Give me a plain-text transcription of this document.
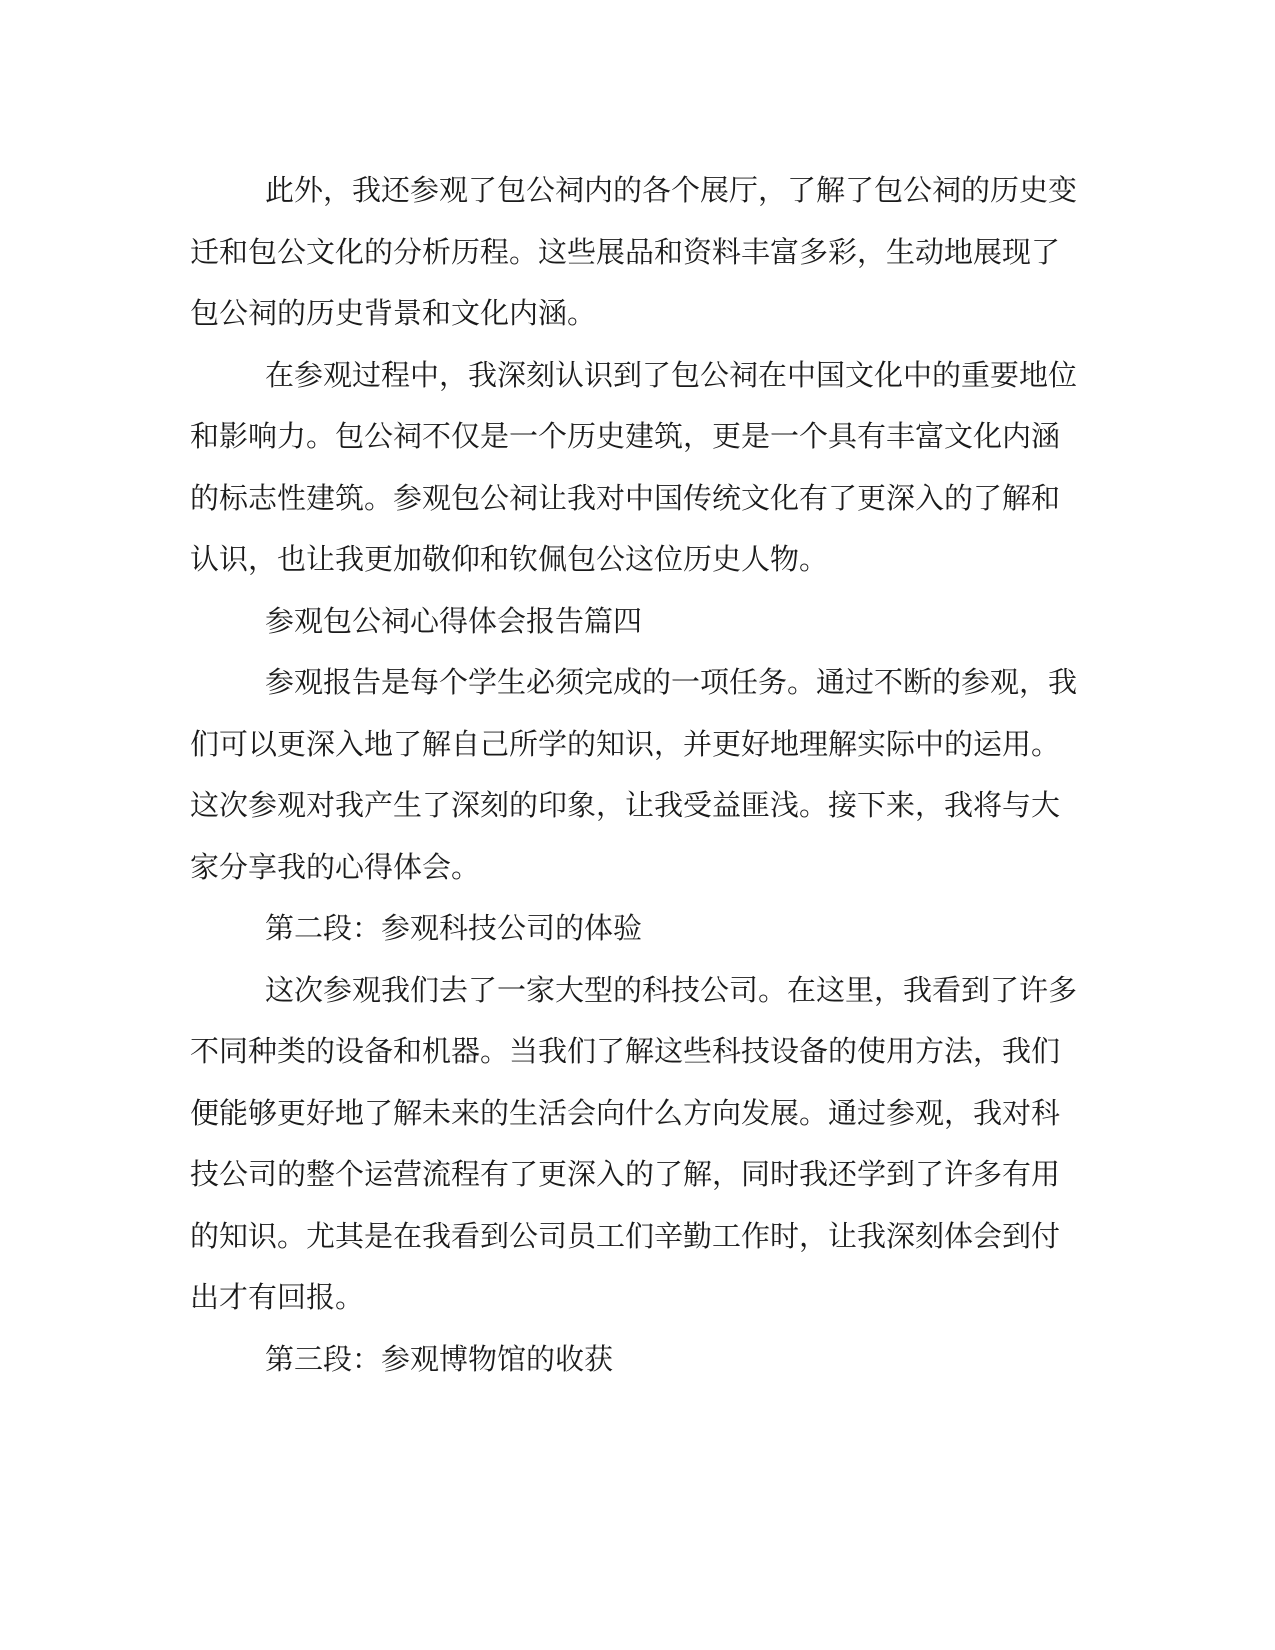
此外，我还参观了包公祠内的各个展厅，了解了包公祠的历史变
迁和包公文化的分析历程。这些展品和资料丰富多彩，生动地展现了
包公祠的历史背景和文化内涵。
在参观过程中，我深刻认识到了包公祠在中国文化中的重要地位
和影响力。包公祠不仅是一个历史建筑，更是一个具有丰富文化内涵
的标志性建筑。参观包公祠让我对中国传统文化有了更深入的了解和
认识，也让我更加敬仰和钦佩包公这位历史人物。
参观包公祠心得体会报告篇四
参观报告是每个学生必须完成的一项任务。通过不断的参观，我
们可以更深入地了解自己所学的知识，并更好地理解实际中的运用。
这次参观对我产生了深刻的印象，让我受益匪浅。接下来，我将与大
家分享我的心得体会。
第二段：参观科技公司的体验
这次参观我们去了一家大型的科技公司。在这里，我看到了许多
不同种类的设备和机器。当我们了解这些科技设备的使用方法，我们
便能够更好地了解未来的生活会向什么方向发展。通过参观，我对科
技公司的整个运营流程有了更深入的了解，同时我还学到了许多有用
的知识。尤其是在我看到公司员工们辛勤工作时，让我深刻体会到付
出才有回报。
第三段：参观博物馆的收获
